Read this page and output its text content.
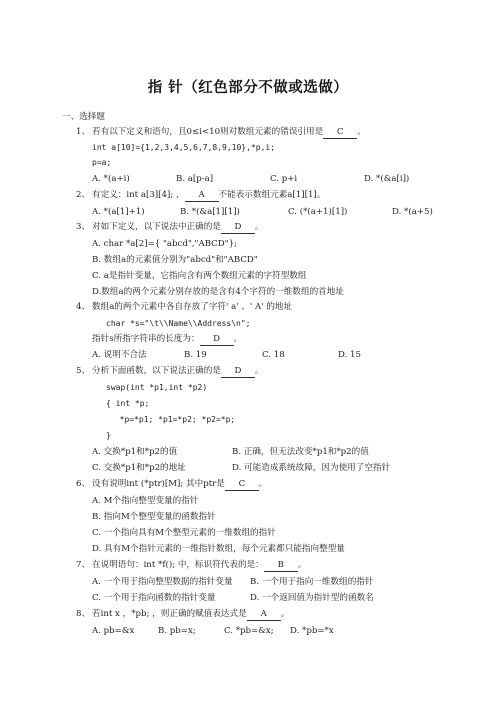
指 针（红色部分不做或选做）
一、选择题
1、 若有以下定义和语句，且0≤i<10则对数组元素的错误引用是 C 。
int a[10]={1,2,3,4,5,6,7,8,9,10},*p,i;
p=a;
A. *(a+i)	B. a[p-a]	C. p+i	D. *(&a[i])
2、 有定义：int a[3][4]; ， A 不能表示数组元素a[1][1]。
A. *(a[1]+1)	B. *(&a[1][1])	C. (*(a+1)[1])	D. *(a+5)
3、 对如下定义，以下说法中正确的是 D 。
A. char *a[2]={ "abcd","ABCD"};
B. 数组a的元素值分别为"abcd"和"ABCD"
C. a是指针变量，它指向含有两个数组元素的字符型数组
D.数组a的两个元素分别存放的是含有4个字符的一维数组的首地址
4、 数组a的两个元素中各自存放了字符' a' 、' A' 的地址
char *s="\t\\Name\\Address\n";
指针s所指字符串的长度为： D 。
A. 说明不合法	B. 19	C. 18	D. 15
5、 分析下面函数，以下说法正确的是 D 。
swap(int *p1,int *p2)
{ int *p;
*p=*p1; *p1=*p2; *p2=*p;
}
A. 交换*p1和*p2的值	B. 正确，但无法改变*p1和*p2的值
C. 交换*p1和*p2的地址	D. 可能造成系统故障，因为使用了空指针
6、 设有说明int (*ptr)[M]; 其中ptr是 C 。
A. M个指向整型变量的指针
B. 指向M个整型变量的函数指针
C. 一个指向具有M个整型元素的一维数组的指针
D. 具有M个指针元素的一维指针数组，每个元素都只能指向整型量
7、 在说明语句：int *f(); 中，标识符代表的是： B 。
A. 一个用于指向整型数据的指针变量 B. 一个用于指向一维数组的指针
C. 一个用于指向函数的指针变量	D. 一个返回值为指针型的函数名
8、 若int x ，*pb; ，则正确的赋值表达式是 A 。
A. pb=&x	B. pb=x;	C. *pb=&x; D. *pb=*x
